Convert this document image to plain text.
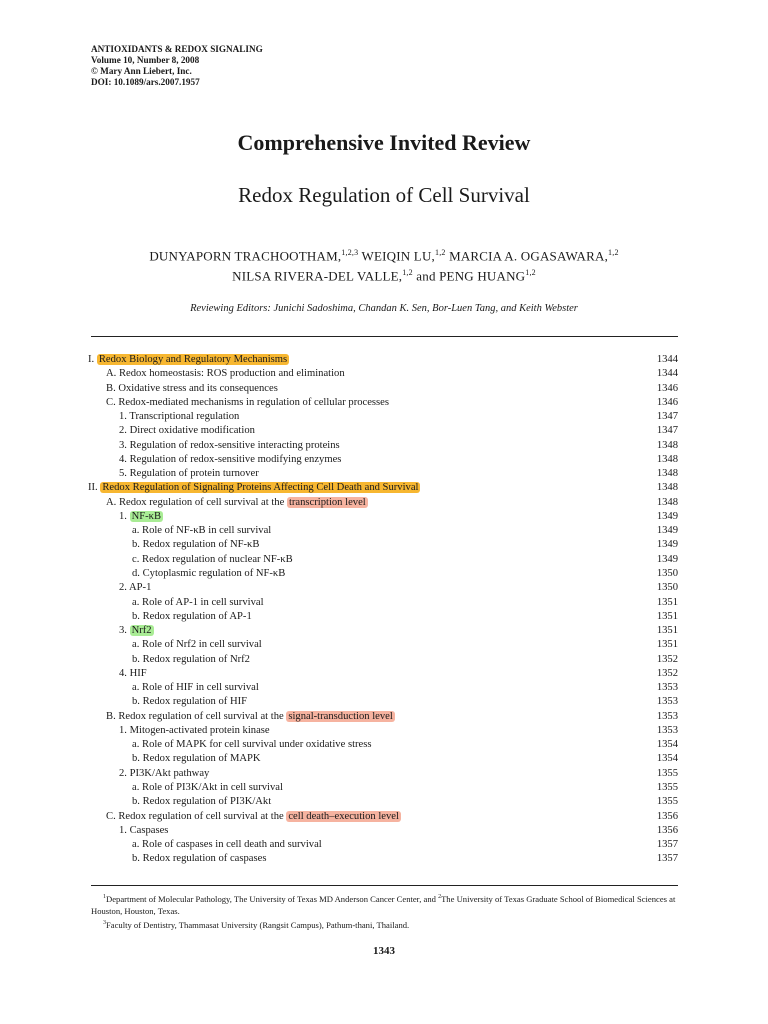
ANTIOXIDANTS & REDOX SIGNALING
Volume 10, Number 8, 2008
© Mary Ann Liebert, Inc.
DOI: 10.1089/ars.2007.1957
Comprehensive Invited Review
Redox Regulation of Cell Survival
DUNYAPORN TRACHOOTHAM,$^{1,2,3}$ WEIQIN LU,$^{1,2}$ MARCIA A. OGASAWARA,$^{1,2}$
NILSA RIVERA-DEL VALLE,$^{1,2}$ and PENG HUANG$^{1,2}$
Reviewing Editors: Junichi Sadoshima, Chandan K. Sen, Bor-Luen Tang, and Keith Webster
I. Redox Biology and Regulatory Mechanisms	1344
A. Redox homeostasis: ROS production and elimination	1344
B. Oxidative stress and its consequences	1346
C. Redox-mediated mechanisms in regulation of cellular processes	1346
1. Transcriptional regulation	1347
2. Direct oxidative modification	1347
3. Regulation of redox-sensitive interacting proteins	1348
4. Regulation of redox-sensitive modifying enzymes	1348
5. Regulation of protein turnover	1348
II. Redox Regulation of Signaling Proteins Affecting Cell Death and Survival	1348
A. Redox regulation of cell survival at the transcription level	1348
1. NF-κB	1349
a. Role of NF-κB in cell survival	1349
b. Redox regulation of NF-κB	1349
c. Redox regulation of nuclear NF-κB	1349
d. Cytoplasmic regulation of NF-κB	1350
2. AP-1	1350
a. Role of AP-1 in cell survival	1351
b. Redox regulation of AP-1	1351
3. Nrf2	1351
a. Role of Nrf2 in cell survival	1351
b. Redox regulation of Nrf2	1352
4. HIF	1352
a. Role of HIF in cell survival	1353
b. Redox regulation of HIF	1353
B. Redox regulation of cell survival at the signal-transduction level	1353
1. Mitogen-activated protein kinase	1353
a. Role of MAPK for cell survival under oxidative stress	1354
b. Redox regulation of MAPK	1354
2. PI3K/Akt pathway	1355
a. Role of PI3K/Akt in cell survival	1355
b. Redox regulation of PI3K/Akt	1355
C. Redox regulation of cell survival at the cell death–execution level	1356
1. Caspases	1356
a. Role of caspases in cell death and survival	1357
b. Redox regulation of caspases	1357

$^1$Department of Molecular Pathology, The University of Texas MD Anderson Cancer Center, and $^2$The University of Texas Graduate School of Biomedical Sciences at Houston, Houston, Texas.

$^3$Faculty of Dentistry, Thammasat University (Rangsit Campus), Pathum-thani, Thailand.

1343
